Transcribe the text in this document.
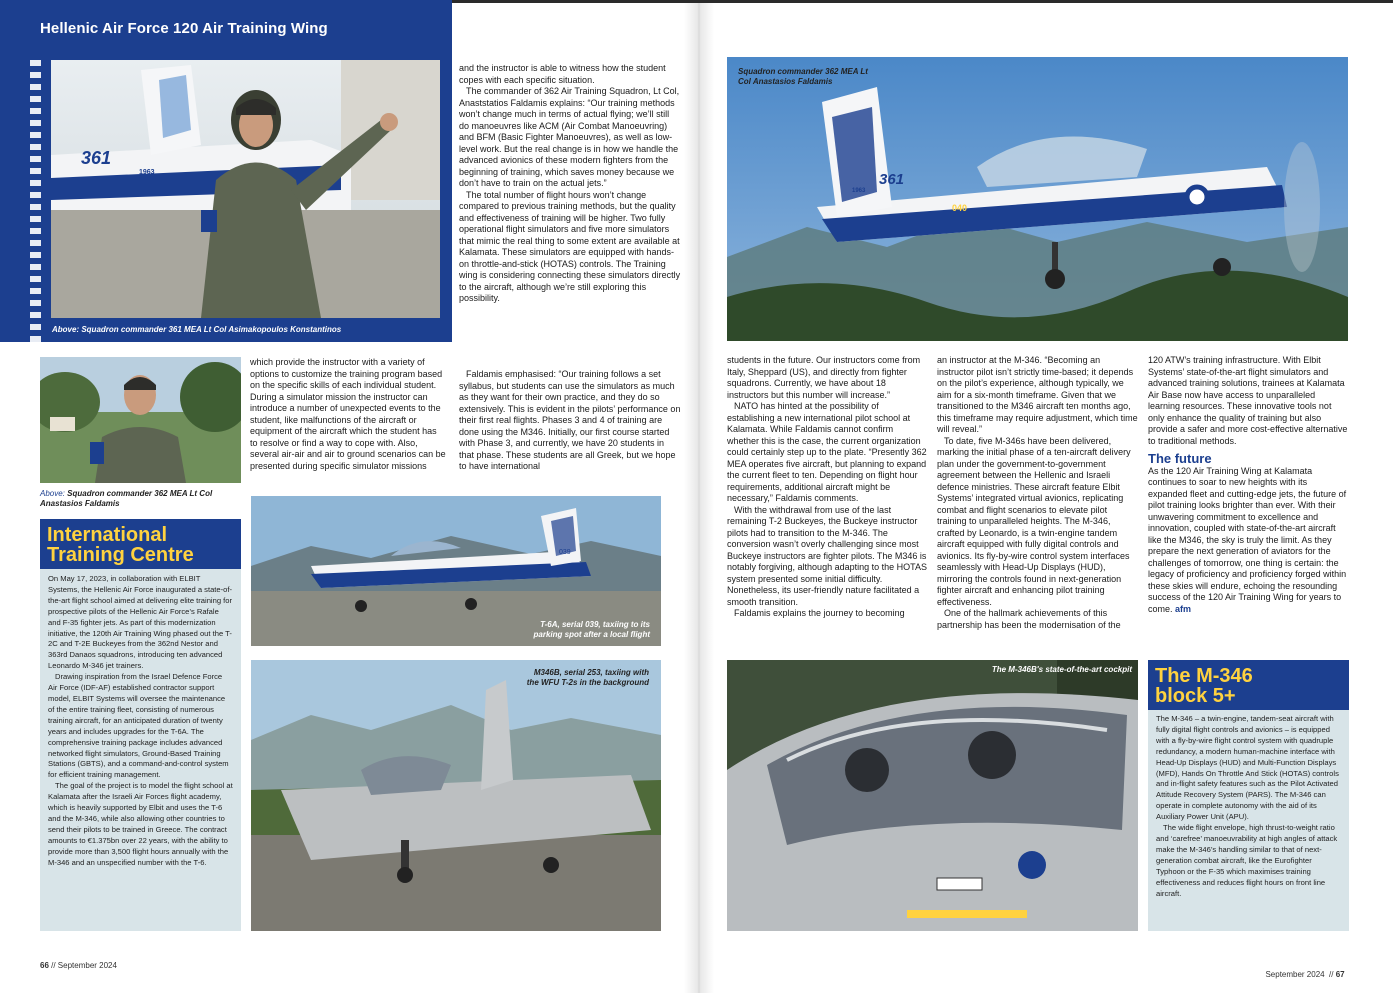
Hellenic Air Force 120 Air Training Wing
361
1963
Above: Squadron commander 361 MEA Lt Col Asimakopoulos Konstantinos
Above: Squadron commander 362 MEA Lt Col Anastasios Faldamis

and the instructor is able to witness how the student copes with each specific situation.

The commander of 362 Air Training Squadron, Lt Col, Anaststatios Faldamis explains: “Our training methods won’t change much in terms of actual flying; we’ll still do manoeuvres like ACM (Air Combat Manoeuvring) and BFM (Basic Fighter Manoeuvres), as well as low-level work. But the real change is in how we handle the advanced avionics of these modern fighters from the beginning of training, which saves money because we don’t have to train on the actual jets.”

The total number of flight hours won’t change compared to previous training methods, but the quality and effectiveness of training will be higher. Two fully operational flight simulators and five more simulators that mimic the real thing to some extent are available at Kalamata. These simulators are equipped with hands-on throttle-and-stick (HOTAS) controls. The Training wing is considering connecting these simulators directly to the aircraft, although we’re still exploring this possibility.

which provide the instructor with a variety of options to customize the training program based on the specific skills of each individual student. During a simulator mission the instructor can introduce a number of unexpected events to the student, like malfunctions of the aircraft or equipment of the aircraft which the student has to resolve or find a way to cope with. Also, several air-air and air to ground scenarios can be presented during specific simulator missions

Faldamis emphasised: “Our training follows a set syllabus, but students can use the simulators as much as they want for their own practice, and they do so extensively. This is evident in the pilots’ performance on their first real flights. Phases 3 and 4 of training are done using the M346. Initially, our first course started with Phase 3, and currently, we have 20 students in that phase. These students are all Greek, but we hope to have international

International
Training Centre

On May 17, 2023, in collaboration with ELBIT Systems, the Hellenic Air Force inaugurated a state-of-the-art flight school aimed at delivering elite training for prospective pilots of the Hellenic Air Force’s Rafale and F-35 fighter jets. As part of this modernization initiative, the 120th Air Training Wing phased out the T-2C and T-2E Buckeyes from the 362nd Nestor and 363rd Danaos squadrons, introducing ten advanced Leonardo M-346 jet trainers.

Drawing inspiration from the Israel Defence Force Air Force (IDF-AF) established contractor support model, ELBIT Systems will oversee the maintenance of the entire training fleet, consisting of numerous training aircraft, for an anticipated duration of twenty years and includes upgrades for the T-6A. The comprehensive training package includes advanced networked flight simulators, Ground-Based Training Stations (GBTS), and a command-and-control system for efficient training management.

The goal of the project is to model the flight school at Kalamata after the Israeli Air Forces flight academy, which is heavily supported by Elbit and uses the T-6 and the M-346, while also allowing other countries to send their pilots to be trained in Greece. The contract amounts to €1.375bn over 22 years, with the ability to provide more than 3,500 flight hours annually with the M-346 and an unspecified number with the T-6.

039
T-6A, serial 039, taxiing to its parking spot after a local flight
M346B, serial 253, taxiing with the WFU T-2s in the background
66 // September 2024
361
1963
040
Squadron commander 362 MEA Lt Col Anastasios Faldamis

students in the future. Our instructors come from Italy, Sheppard (US), and directly from fighter squadrons. Currently, we have about 18 instructors but this number will increase.”

NATO has hinted at the possibility of establishing a new international pilot school at Kalamata. While Faldamis cannot confirm whether this is the case, the current organization could certainly step up to the plate. “Presently 362 MEA operates five aircraft, but planning to expand the current fleet to ten. Depending on flight hour requirements, additional aircraft might be necessary,” Faldamis comments.

With the withdrawal from use of the last remaining T-2 Buckeyes, the Buckeye instructor pilots had to transition to the M-346. The conversion wasn’t overly challenging since most Buckeye instructors are fighter pilots. The M346 is notably forgiving, although adapting to the HOTAS system presented some initial difficulty. Nonetheless, its user-friendly nature facilitated a smooth transition.

Faldamis explains the journey to becoming

an instructor at the M-346. “Becoming an instructor pilot isn’t strictly time-based; it depends on the pilot’s experience, although typically, we aim for a six-month timeframe. Given that we transitioned to the M346 aircraft ten months ago, this timeframe may require adjustment, which time will reveal.”

To date, five M-346s have been delivered, marking the initial phase of a ten-aircraft delivery plan under the government-to-government agreement between the Hellenic and Israeli defence ministries. These aircraft feature Elbit Systems’ integrated virtual avionics, replicating combat and flight scenarios to elevate pilot training to unparalleled heights. The M-346, crafted by Leonardo, is a twin-engine tandem aircraft equipped with fully digital controls and avionics. Its fly-by-wire control system interfaces seamlessly with Head-Up Displays (HUD), mirroring the controls found in next-generation fighter aircraft and enhancing pilot training effectiveness.

One of the hallmark achievements of this partnership has been the modernisation of the

120 ATW’s training infrastructure. With Elbit Systems’ state-of-the-art flight simulators and advanced training solutions, trainees at Kalamata Air Base now have access to unparalleled learning resources. These innovative tools not only enhance the quality of training but also provide a safer and more cost-effective alternative to traditional methods.

The future

As the 120 Air Training Wing at Kalamata continues to soar to new heights with its expanded fleet and cutting-edge jets, the future of pilot training looks brighter than ever. With their unwavering commitment to excellence and innovation, coupled with state-of-the-art aircraft like the M346, the sky is truly the limit. As they prepare the next generation of aviators for the challenges of tomorrow, one thing is certain: the legacy of proficiency and proficiency forged within these skies will endure, echoing the resounding success of the 120 Air Training Wing for years to come. afm

The M-346B's state-of-the-art cockpit The M-346
block 5+

The M-346 – a twin-engine, tandem-seat aircraft with fully digital flight controls and avionics – is equipped with a fly-by-wire flight control system with quadruple redundancy, a modern human-machine interface with Head-Up Displays (HUD) and Multi-Function Displays (MFD), Hands On Throttle And Stick (HOTAS) controls and in-flight safety features such as the Pilot Activated Attitude Recovery System (PARS). The M-346 can operate in complete autonomy with the aid of its Auxiliary Power Unit (APU).

The wide flight envelope, high thrust-to-weight ratio and ‘carefree’ manoeuvrability at high angles of attack make the M-346’s handling similar to that of next-generation combat aircraft, like the Eurofighter Typhoon or the F-35 which maximises training effectiveness and reduces flight hours on front line aircraft.

September 2024  // 67
